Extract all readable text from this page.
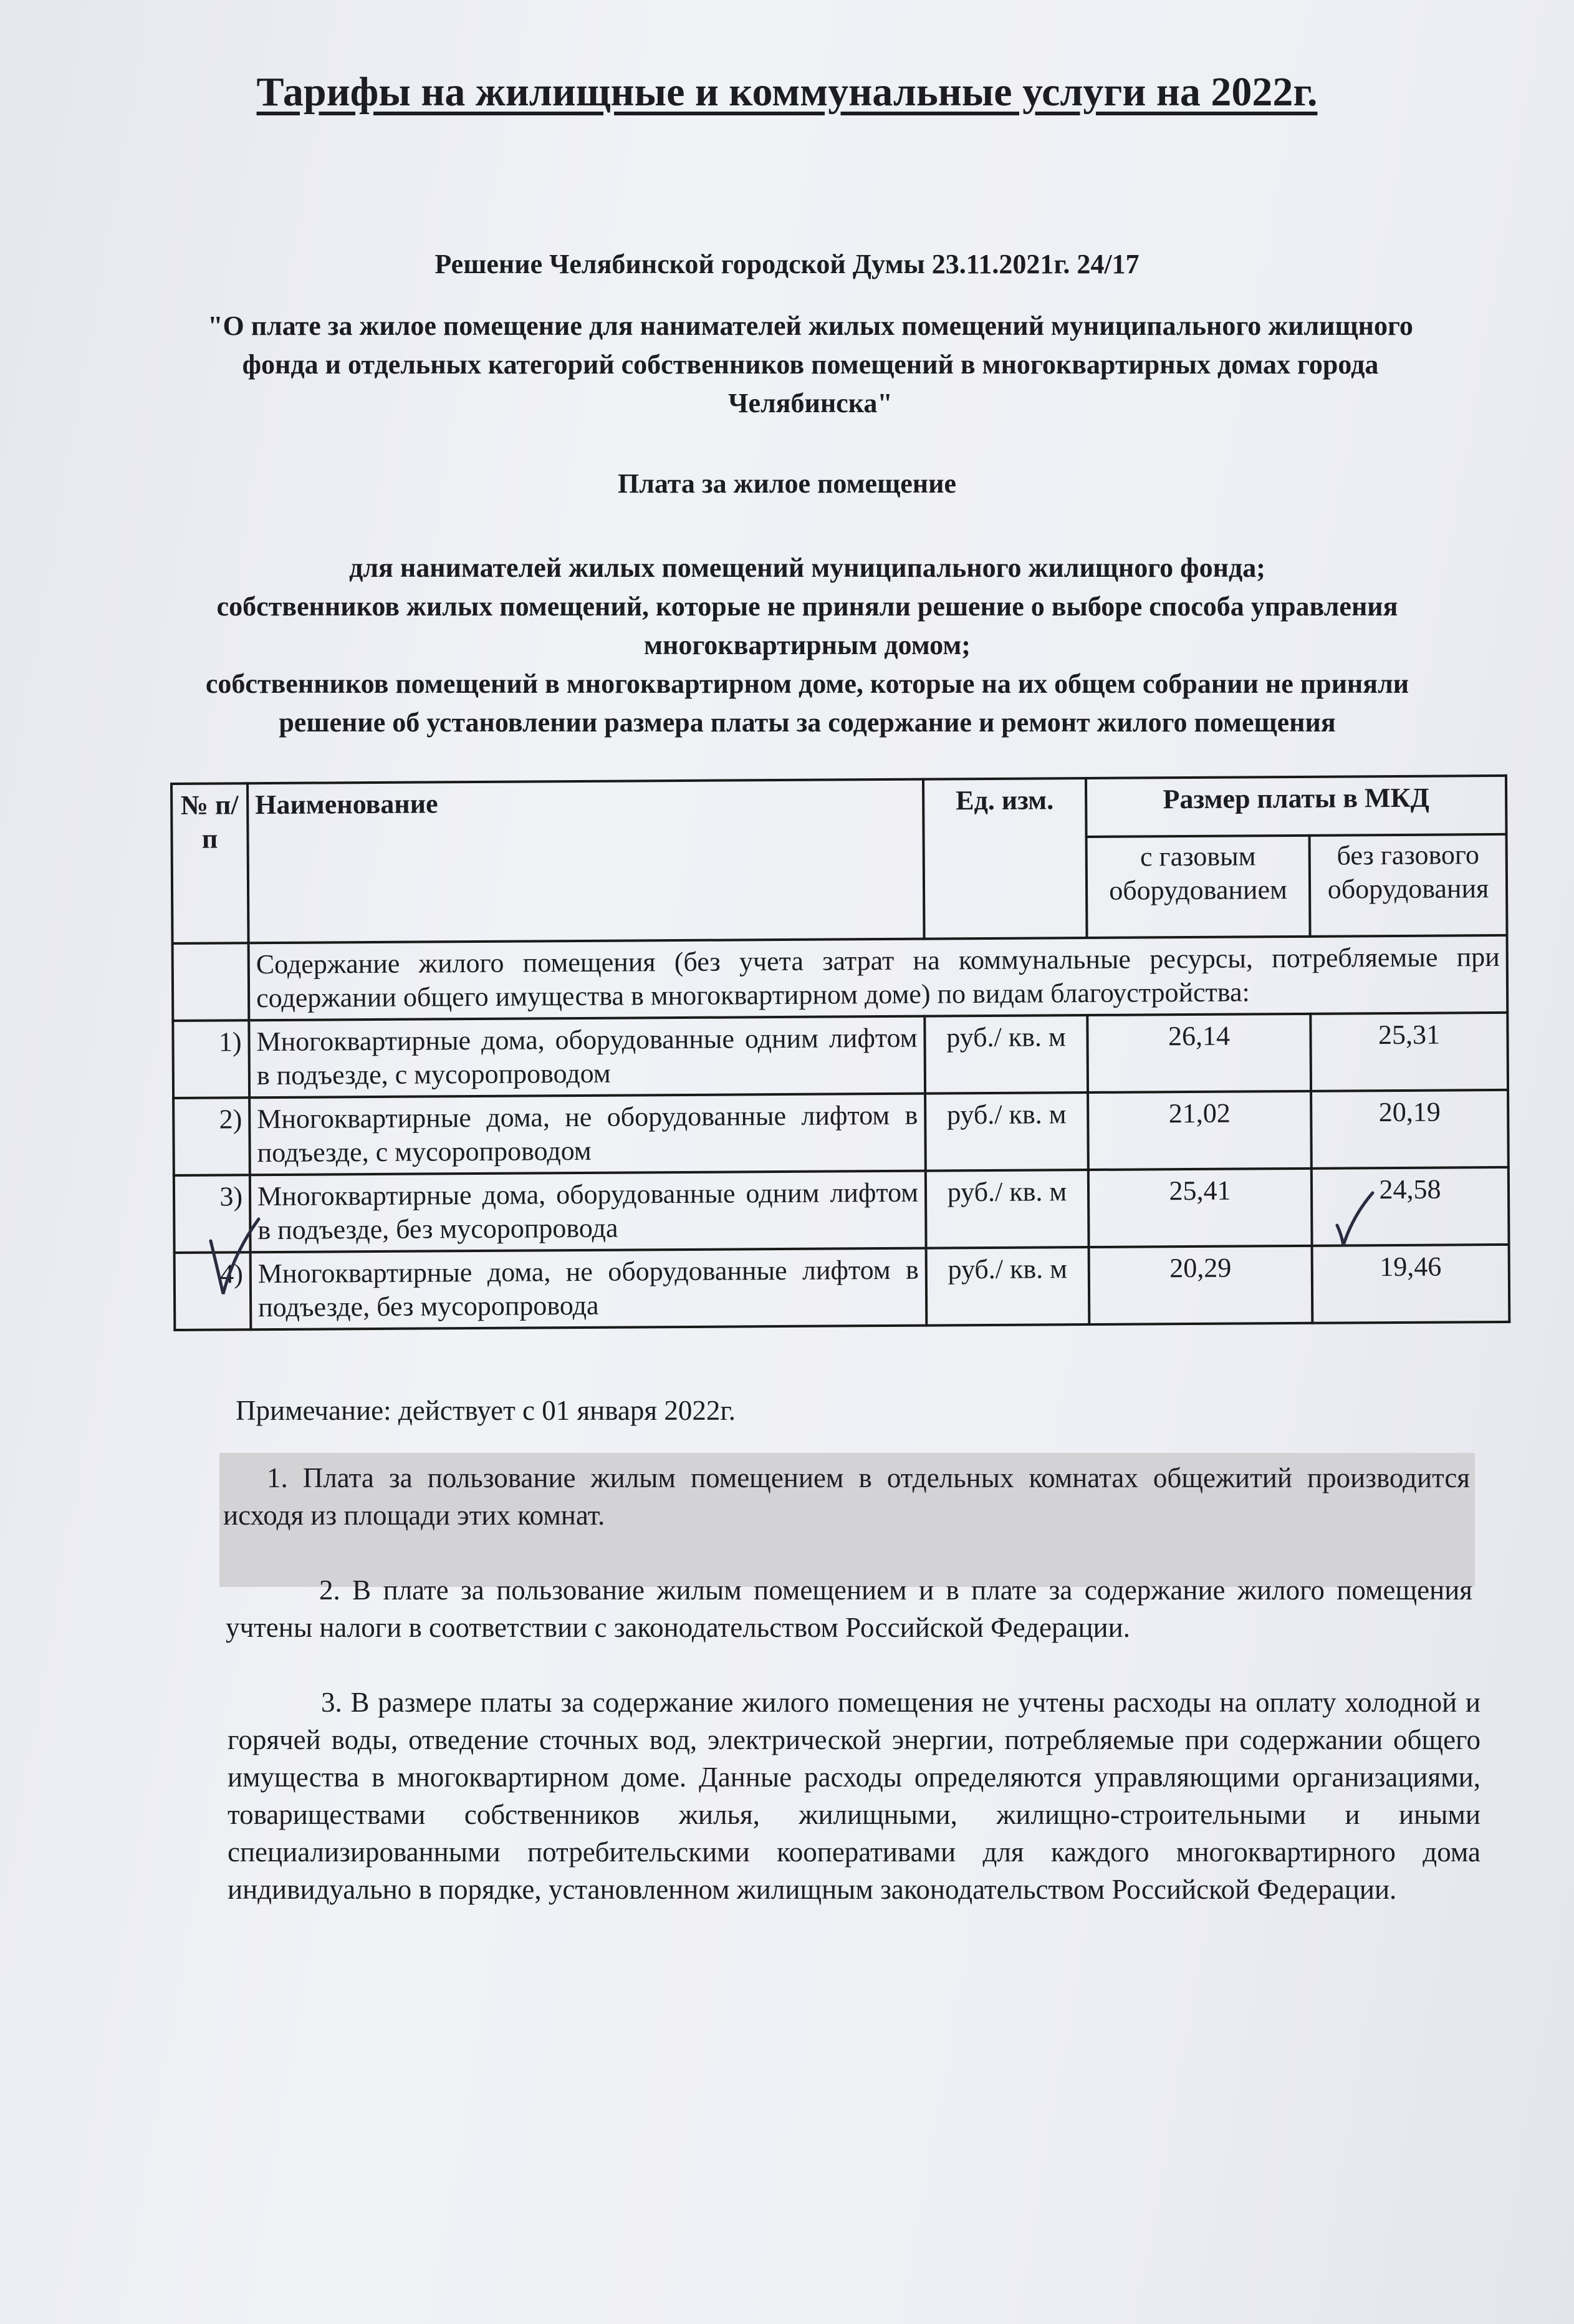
Тарифы на жилищные и коммунальные услуги на 2022г.
Решение Челябинской городской Думы 23.11.2021г. 24/17
"О плате за жилое помещение для нанимателей жилых помещений муниципального жилищного фонда и отдельных категорий собственников помещений в многоквартирных домах города Челябинска"
Плата за жилое помещение
для нанимателей жилых помещений муниципального жилищного фонда;
собственников жилых помещений, которые не приняли решение о выборе способа управления многоквартирным домом;
собственников помещений в многоквартирном доме, которые на их общем собрании не приняли решение об установлении размера платы за содержание и ремонт жилого помещения
№ п/п	Наименование	Ед. изм.	Размер платы в МКД	
			с газовым оборудованием	без газового оборудования
	Содержание жилого помещения (без учета затрат на коммунальные ресурсы, потребляемые при содержании общего имущества в многоквартирном доме) по видам благоустройства:			
1)	Многоквартирные дома, оборудованные одним лифтом в подъезде, с мусоропроводом	руб./ кв. м	26,14	25,31
2)	Многоквартирные дома, не оборудованные лифтом в подъезде, с мусоропроводом	руб./ кв. м	21,02	20,19
3)	Многоквартирные дома, оборудованные одним лифтом в подъезде, без мусоропровода	руб./ кв. м	25,41	24,58
4)	Многоквартирные дома, не оборудованные лифтом в подъезде, без мусоропровода	руб./ кв. м	20,29	19,46
Примечание: действует с 01 января 2022г.
1. Плата за пользование жилым помещением в отдельных комнатах общежитий производится исходя из площади этих комнат.
2. В плате за пользование жилым помещением и в плате за содержание жилого помещения учтены налоги в соответствии с законодательством Российской Федерации.
3. В размере платы за содержание жилого помещения не учтены расходы на оплату холодной и горячей воды, отведение сточных вод, электрической энергии, потребляемые при содержании общего имущества в многоквартирном доме. Данные расходы определяются управляющими организациями, товариществами собственников жилья, жилищными, жилищно-строительными и иными специализированными потребительскими кооперативами для каждого многоквартирного дома индивидуально в порядке, установленном жилищным законодательством Российской Федерации.
